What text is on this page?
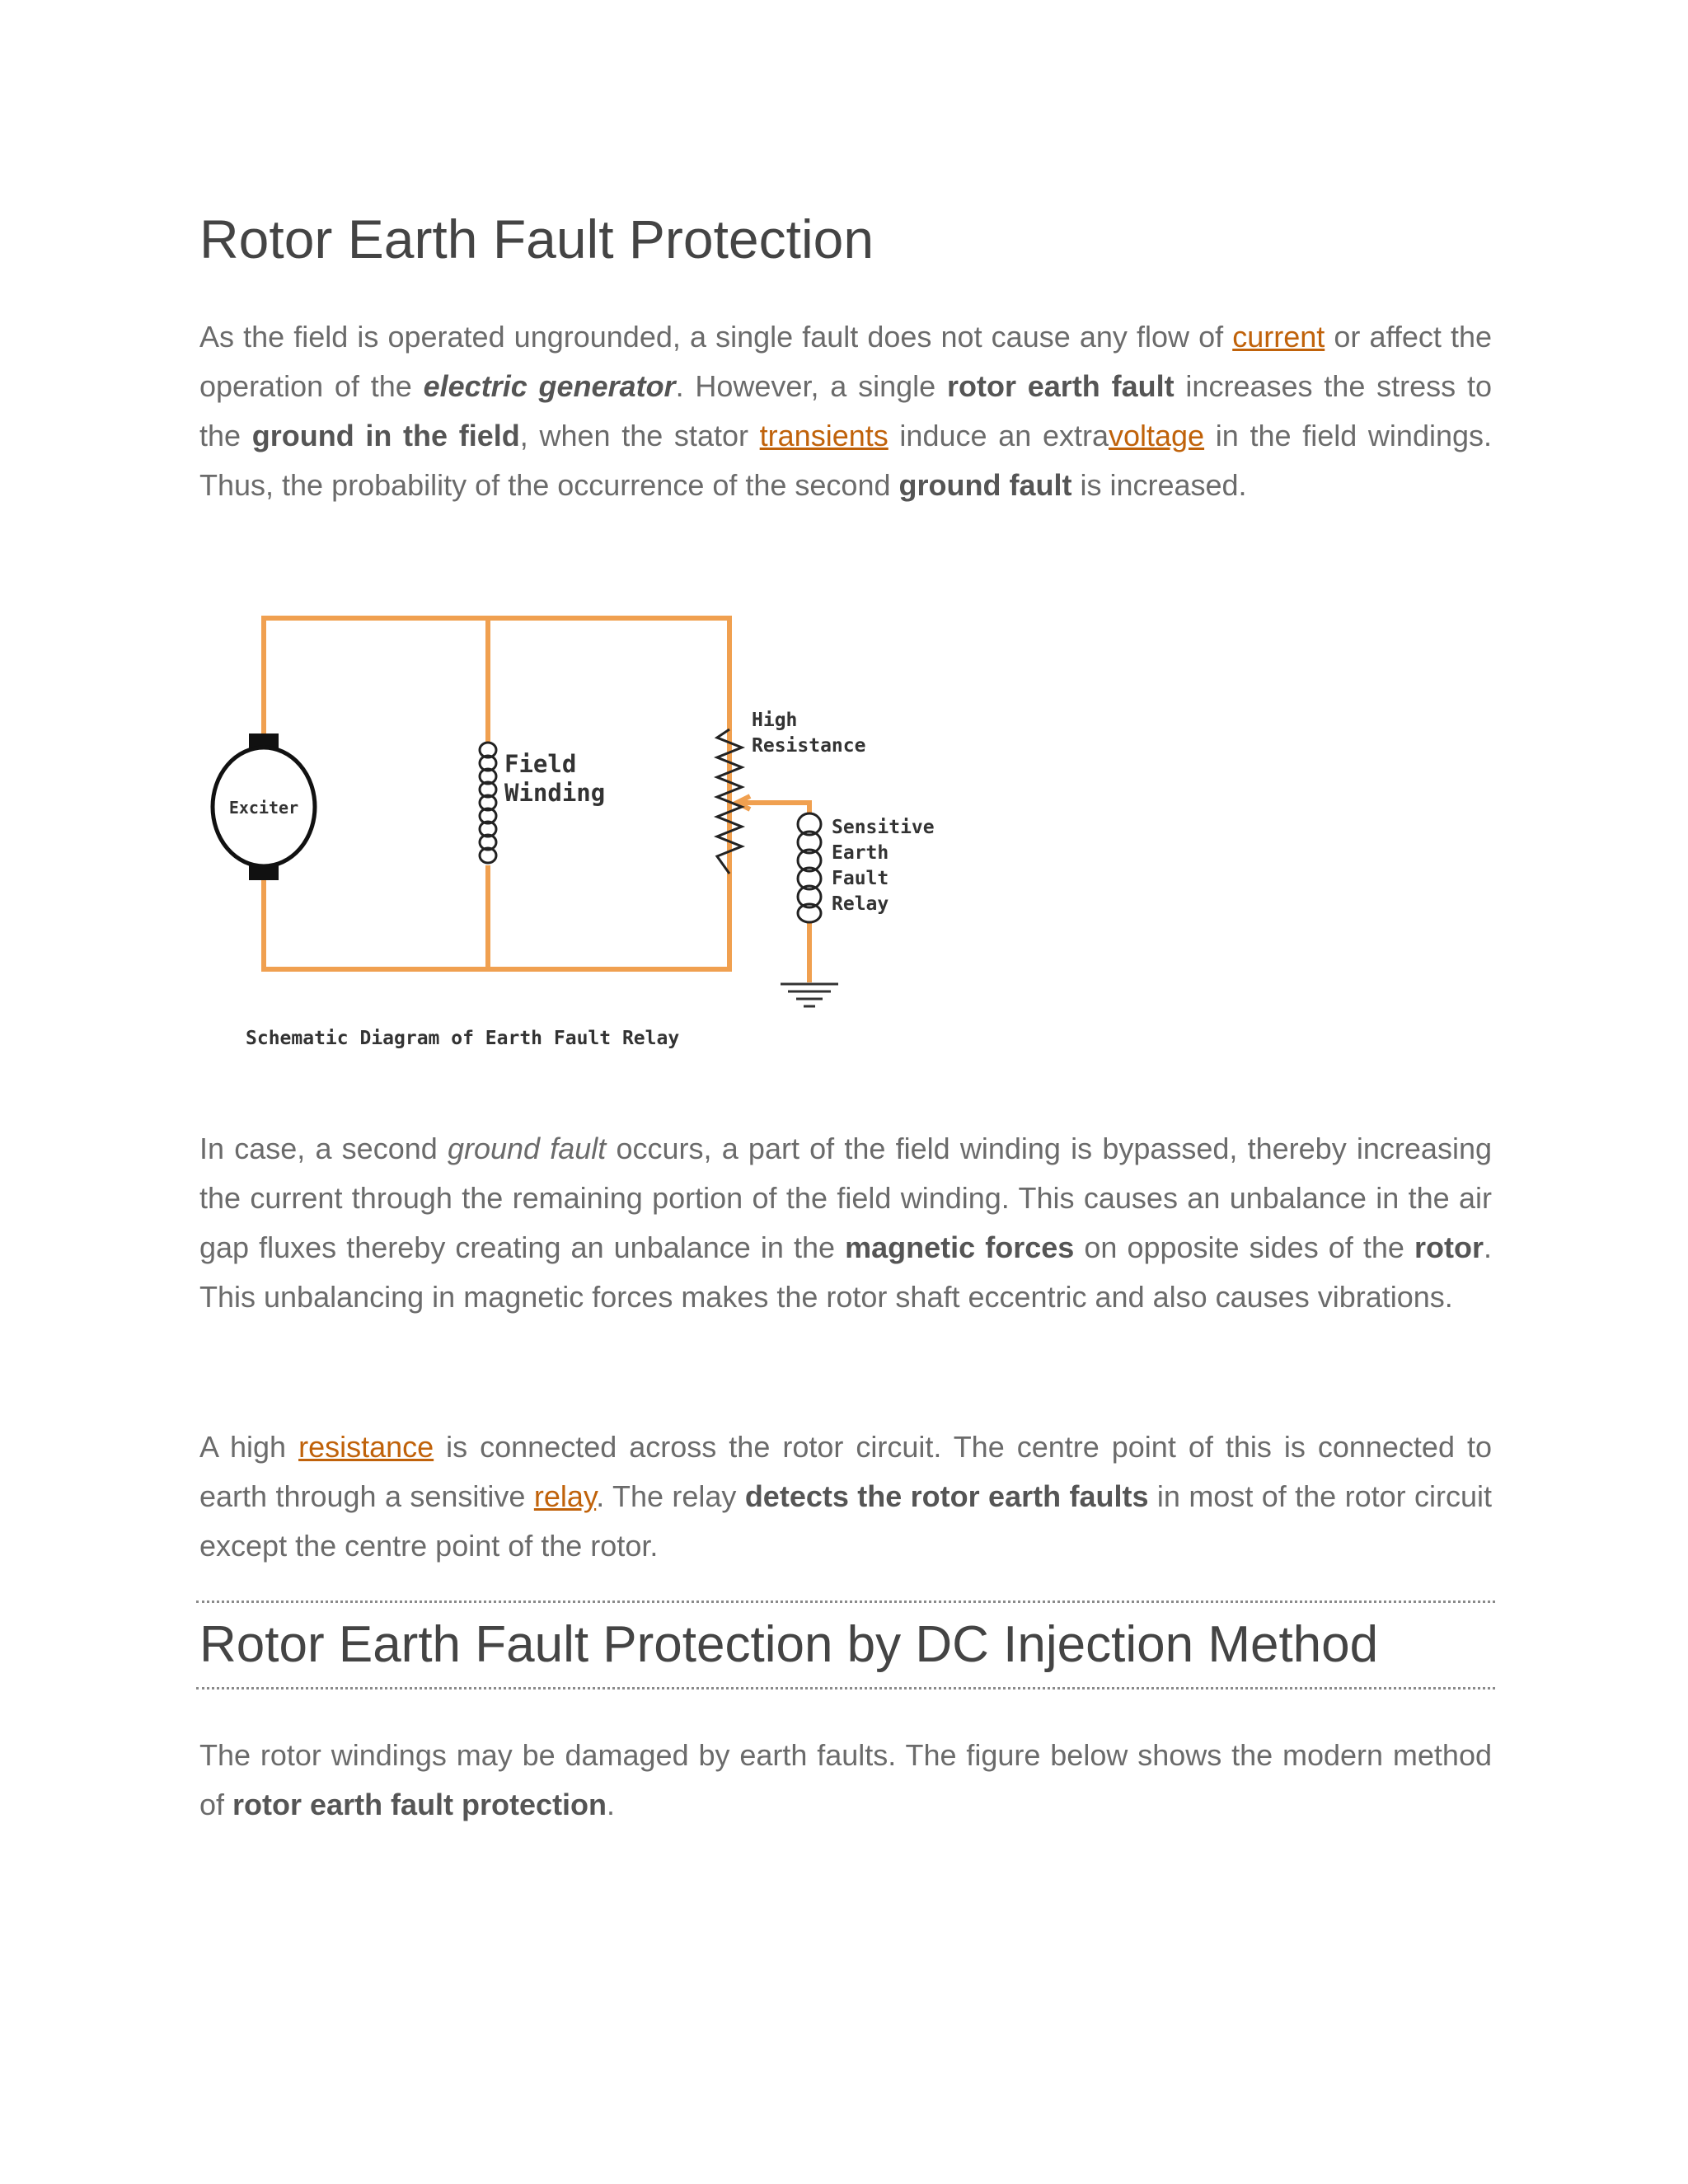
Rotor Earth Fault Protection

As the field is operated ungrounded, a single fault does not cause any flow of current or affect the operation of the electric generator. However, a single rotor earth fault increases the stress to the ground in the field, when the stator transients induce an extravoltage in the field windings. Thus, the probability of the occurrence of the second ground fault is increased.

In case, a second ground fault occurs, a part of the field winding is bypassed, thereby increasing the current through the remaining portion of the field winding. This causes an unbalance in the air gap fluxes thereby creating an unbalance in the magnetic forces on opposite sides of the rotor. This unbalancing in magnetic forces makes the rotor shaft eccentric and also causes vibrations.

A high resistance is connected across the rotor circuit. The centre point of this is connected to earth through a sensitive relay. The relay detects the rotor earth faults in most of the rotor circuit except the centre point of the rotor.

Rotor Earth Fault Protection by DC Injection Method

The rotor windings may be damaged by earth faults. The figure below shows the modern method of rotor earth fault protection.

Exciter
Field
Winding
High
Resistance
Sensitive
Earth
Fault
Relay
Schematic Diagram of Earth Fault Relay
